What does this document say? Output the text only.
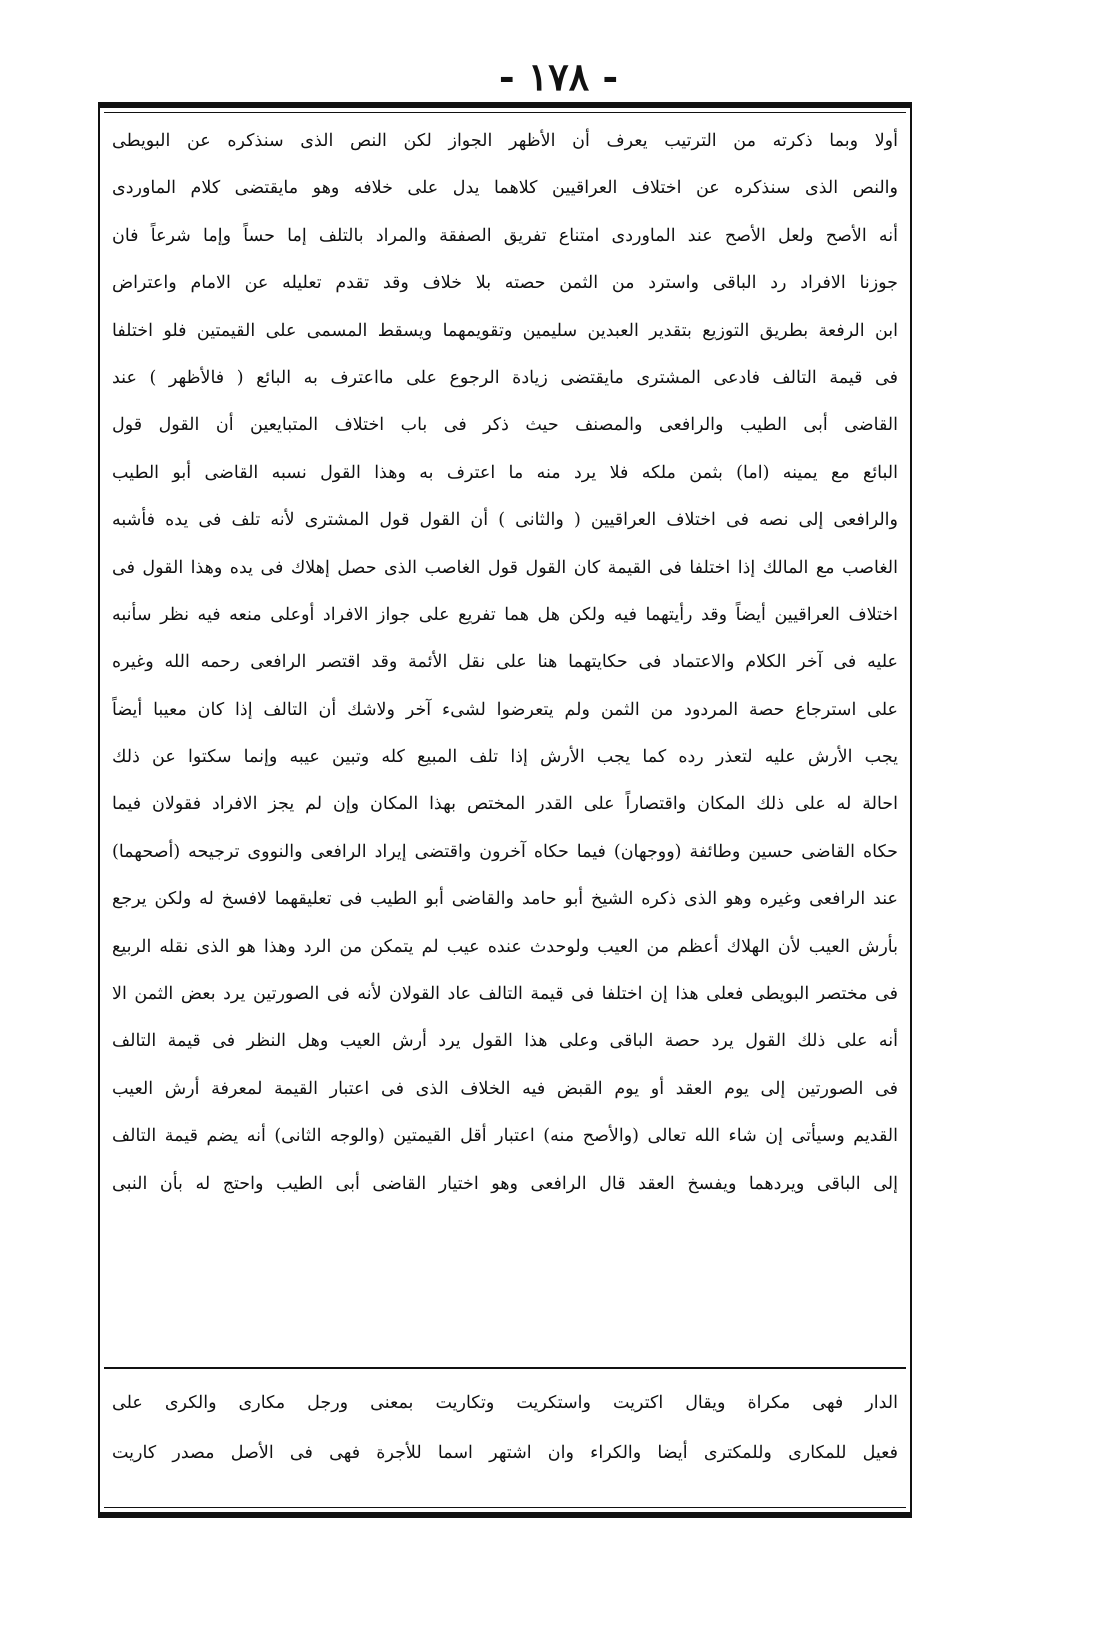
- ١٧٨ -
أولا وبما ذكرته من الترتيب يعرف أن الأظهر الجواز لكن النص الذى سنذكره عن البويطى
والنص الذى سنذكره عن اختلاف العراقيين كلاهما يدل على خلافه وهو مايقتضى كلام الماوردى
أنه الأصح ولعل الأصح عند الماوردى امتناع تفريق الصفقة والمراد بالتلف إما حساً وإما شرعاً فان
جوزنا الافراد رد الباقى واسترد من الثمن حصته بلا خلاف وقد تقدم تعليله عن الامام واعتراض
ابن الرفعة بطريق التوزيع بتقدير العبدين سليمين وتقويمهما ويسقط المسمى على القيمتين فلو اختلفا
فى قيمة التالف فادعى المشترى مايقتضى زيادة الرجوع على مااعترف به البائع ( فالأظهر ) عند
القاضى أبى الطيب والرافعى والمصنف حيث ذكر فى باب اختلاف المتبايعين أن القول قول
البائع مع يمينه (اما) بثمن ملكه فلا يرد منه ما اعترف به وهذا القول نسبه القاضى أبو الطيب
والرافعى إلى نصه فى اختلاف العراقيين ( والثانى ) أن القول قول المشترى لأنه تلف فى يده فأشبه
الغاصب مع المالك إذا اختلفا فى القيمة كان القول قول الغاصب الذى حصل إهلاك فى يده وهذا القول فى
اختلاف العراقيين أيضاً وقد رأيتهما فيه ولكن هل هما تفريع على جواز الافراد أوعلى منعه فيه نظر سأنبه
عليه فى آخر الكلام والاعتماد فى حكايتهما هنا على نقل الأئمة وقد اقتصر الرافعى رحمه الله وغيره
على استرجاع حصة المردود من الثمن ولم يتعرضوا لشىء آخر ولاشك أن التالف إذا كان معيبا أيضاً
يجب الأرش عليه لتعذر رده كما يجب الأرش إذا تلف المبيع كله وتبين عيبه وإنما سكتوا عن ذلك
احالة له على ذلك المكان واقتصاراً على القدر المختص بهذا المكان وإن لم يجز الافراد فقولان فيما
حكاه القاضى حسين وطائفة (ووجهان) فيما حكاه آخرون واقتضى إيراد الرافعى والنووى ترجيحه (أصحهما)
عند الرافعى وغيره وهو الذى ذكره الشيخ أبو حامد والقاضى أبو الطيب فى تعليقهما لافسخ له ولكن يرجع
بأرش العيب لأن الهلاك أعظم من العيب ولوحدث عنده عيب لم يتمكن من الرد وهذا هو الذى نقله الربيع
فى مختصر البويطى فعلى هذا إن اختلفا فى قيمة التالف عاد القولان لأنه فى الصورتين يرد بعض الثمن الا
أنه على ذلك القول يرد حصة الباقى وعلى هذا القول يرد أرش العيب وهل النظر فى قيمة التالف
فى الصورتين إلى يوم العقد أو يوم القبض فيه الخلاف الذى فى اعتبار القيمة لمعرفة أرش العيب
القديم وسيأتى إن شاء الله تعالى (والأصح منه) اعتبار أقل القيمتين (والوجه الثانى) أنه يضم قيمة التالف
إلى الباقى ويردهما ويفسخ العقد قال الرافعى وهو اختيار القاضى أبى الطيب واحتج له بأن النبى
الدار فهى مكراة ويقال اكتريت واستكريت وتكاريت بمعنى ورجل مكارى والكرى على
فعيل للمكارى وللمكترى أيضا والكراء وان اشتهر اسما للأجرة فهى فى الأصل مصدر كاريت
